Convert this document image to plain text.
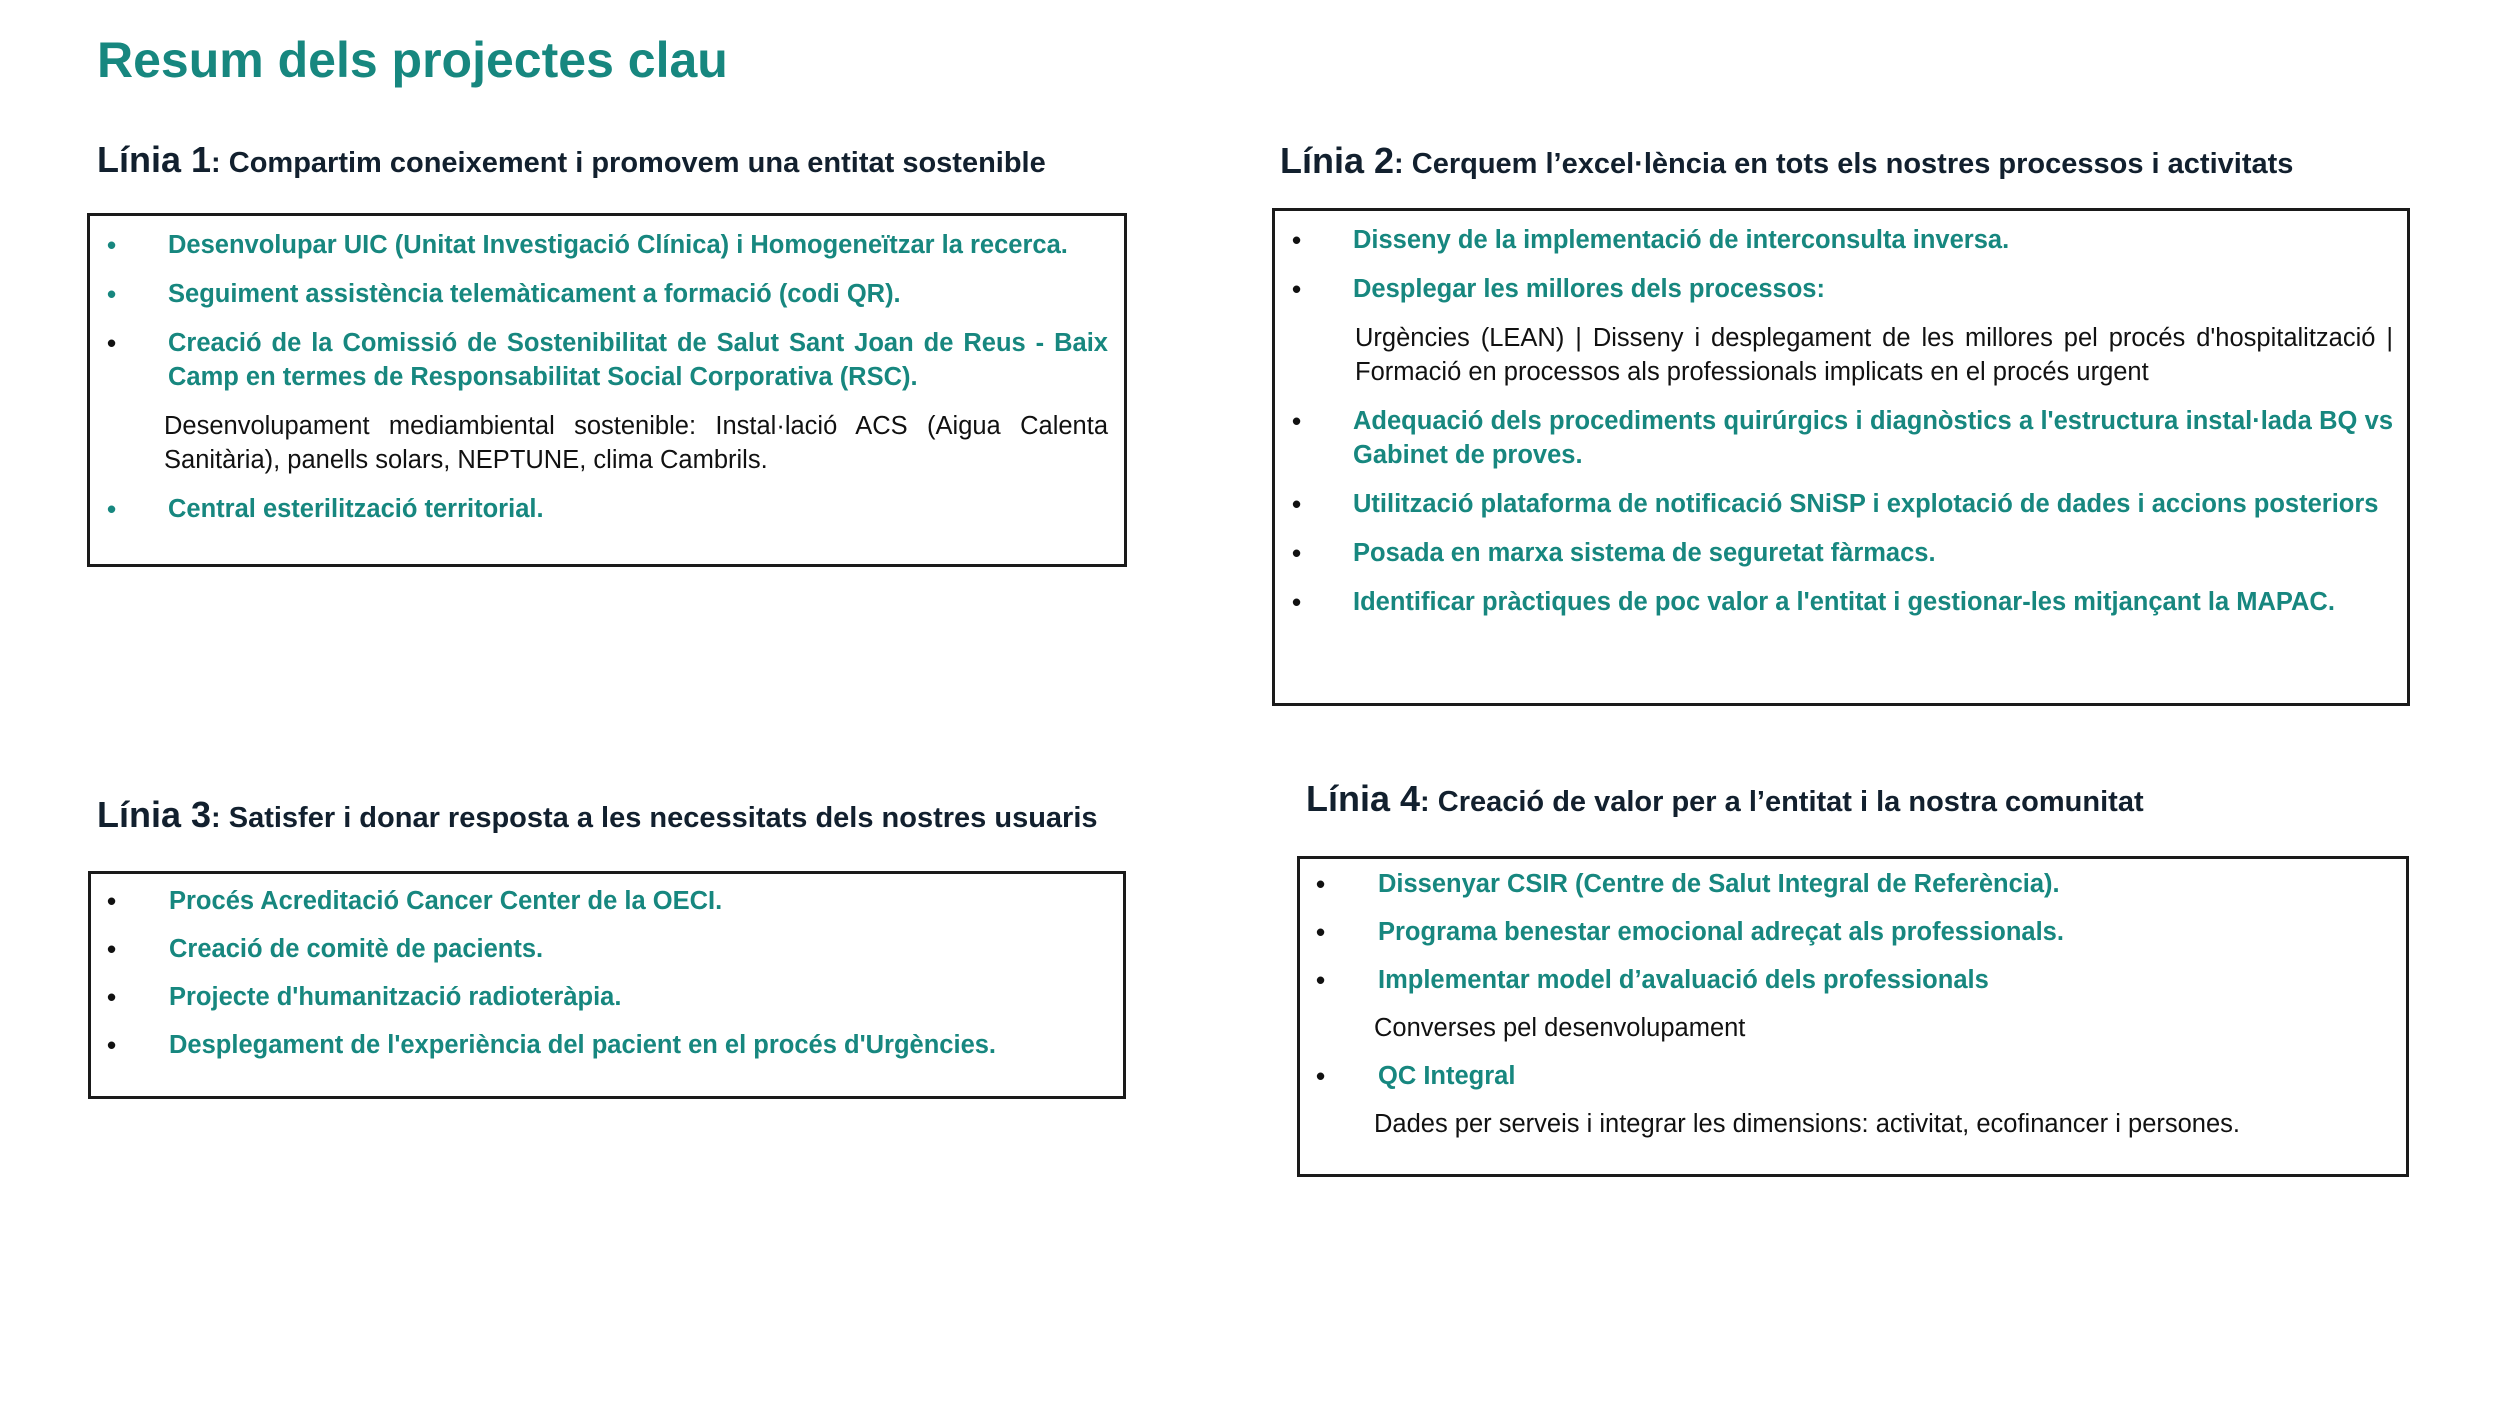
Resum dels projectes clau
Línia 1: Compartim coneixement i promovem una entitat sostenible
• Desenvolupar UIC (Unitat Investigació Clínica) i Homogeneïtzar la recerca.
• Seguiment assistència telemàticament a formació (codi QR).
• Creació de la Comissió de Sostenibilitat de Salut Sant Joan de Reus - Baix Camp en termes de Responsabilitat Social Corporativa (RSC).
Desenvolupament mediambiental sostenible: Instal·lació ACS (Aigua Calenta Sanitària), panells solars, NEPTUNE, clima Cambrils.
• Central esterilització territorial.
Línia 2: Cerquem l’excel·lència en tots els nostres processos i activitats
• Disseny de la implementació de interconsulta inversa.
• Desplegar les millores dels processos:
Urgències (LEAN) | Disseny i desplegament de les millores pel procés d'hospitalització | Formació en processos als professionals implicats en el procés urgent
• Adequació dels procediments quirúrgics i diagnòstics a l'estructura instal·lada BQ vs Gabinet de proves.
• Utilització plataforma de notificació SNiSP i explotació de dades i accions posteriors
• Posada en marxa sistema de seguretat fàrmacs.
• Identificar pràctiques de poc valor a l'entitat i gestionar-les mitjançant la MAPAC.
Línia 3: Satisfer i donar resposta a les necessitats dels nostres usuaris
• Procés Acreditació Cancer Center de la OECI.
• Creació de comitè de pacients.
• Projecte d'humanització radioteràpia.
• Desplegament de l'experiència del pacient en el procés d'Urgències.
Línia 4: Creació de valor per a l’entitat i la nostra comunitat
• Dissenyar CSIR (Centre de Salut Integral de Referència).
• Programa benestar emocional adreçat als professionals.
• Implementar model d’avaluació dels professionals
Converses pel desenvolupament
• QC Integral
Dades per serveis i integrar les dimensions: activitat, ecofinancer i persones.
